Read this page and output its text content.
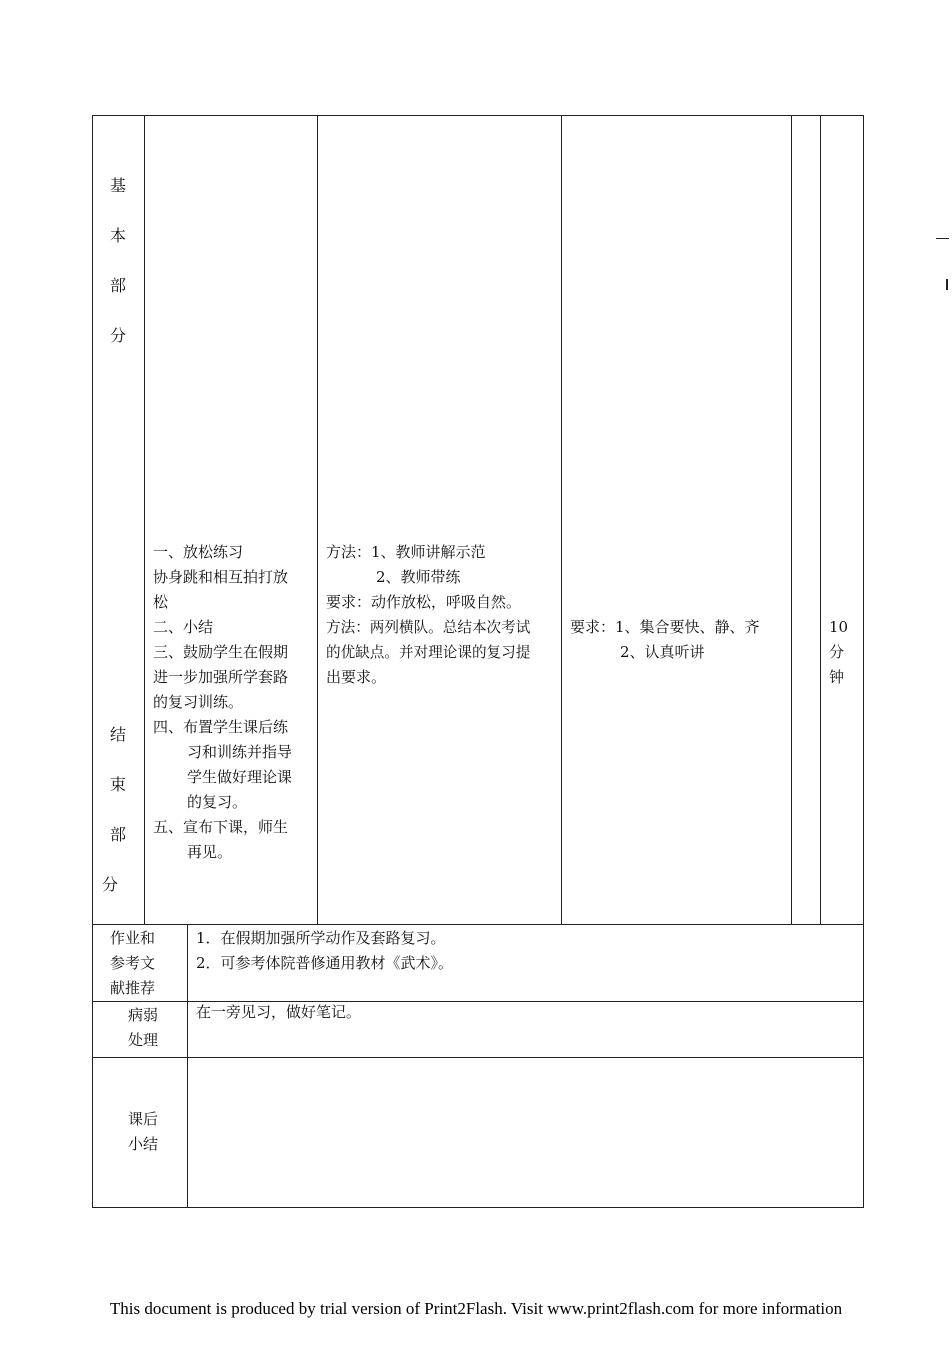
基
本
部
分
结
束
部
分
一、放松练习
协身跳和相互拍打放
松
二、小结
三、鼓励学生在假期
进一步加强所学套路
的复习训练。
四、布置学生课后练
习和训练并指导
学生做好理论课
的复习。
五、宣布下课，师生
再见。
方法：1、教师讲解示范
2、教师带练
要求：动作放松，呼吸自然。
方法：两列横队。总结本次考试
的优缺点。并对理论课的复习提
出要求。
要求：1、集合要快、静、齐
2、认真听讲
10
分
钟
作业和
参考文
献推荐
1．在假期加强所学动作及套路复习。
2．可参考体院普修通用教材《武术》。
病弱
处理
在一旁见习，做好笔记。
课后
小结
This document is produced by trial version of Print2Flash. Visit www.print2flash.com for more information
